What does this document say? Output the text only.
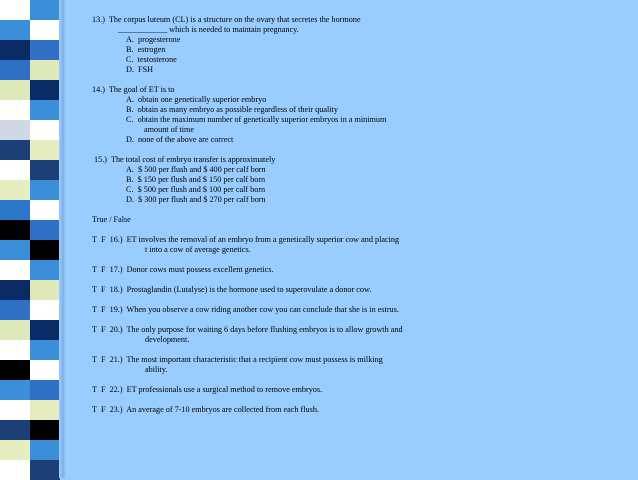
13.)  The corpus luteum (CL) is a structure on the ovary that secretes the hormone
____________ which is needed to maintain pregnancy.
A.  progesterone
B.  estrogen
C.  testosterone
D.  FSH
14.)  The goal of ET is to
A.  obtain one genetically superior embryo
B.  obtain as many embryo as possible regardless of their quality
C.  obtain the maximum number of genetically superior embryos in a minimum
amount of time
D.  none of the above are correct
15.)  The total cost of embryo transfer is approximately
A.  $ 500 per flush and $ 400 per calf born
B.  $ 150 per flush and $ 150 per calf born
C.  $ 500 per flush and $ 100 per calf born
D.  $ 300 per flush and $ 270 per calf born
True / False
T  F  16.)  ET involves the removal of an embryo from a genetically superior cow and placing
t into a cow of average genetics.
T  F  17.)  Donor cows must possess excellent genetics.
T  F  18.)  Prostaglandin (Lutalyse) is the hormone used to superovulate a donor cow.
T  F  19.)  When you observe a cow riding another cow you can conclude that she is in estrus.
T  F  20.)  The only purpose for waiting 6 days before flushing embryos is to allow growth and
development.
T  F  21.)  The most important characteristic that a recipient cow must possess is milking
ability.
T  F  22.)  ET professionals use a surgical method to remove embryos.
T  F  23.)  An average of 7-10 embryos are collected from each flush.
